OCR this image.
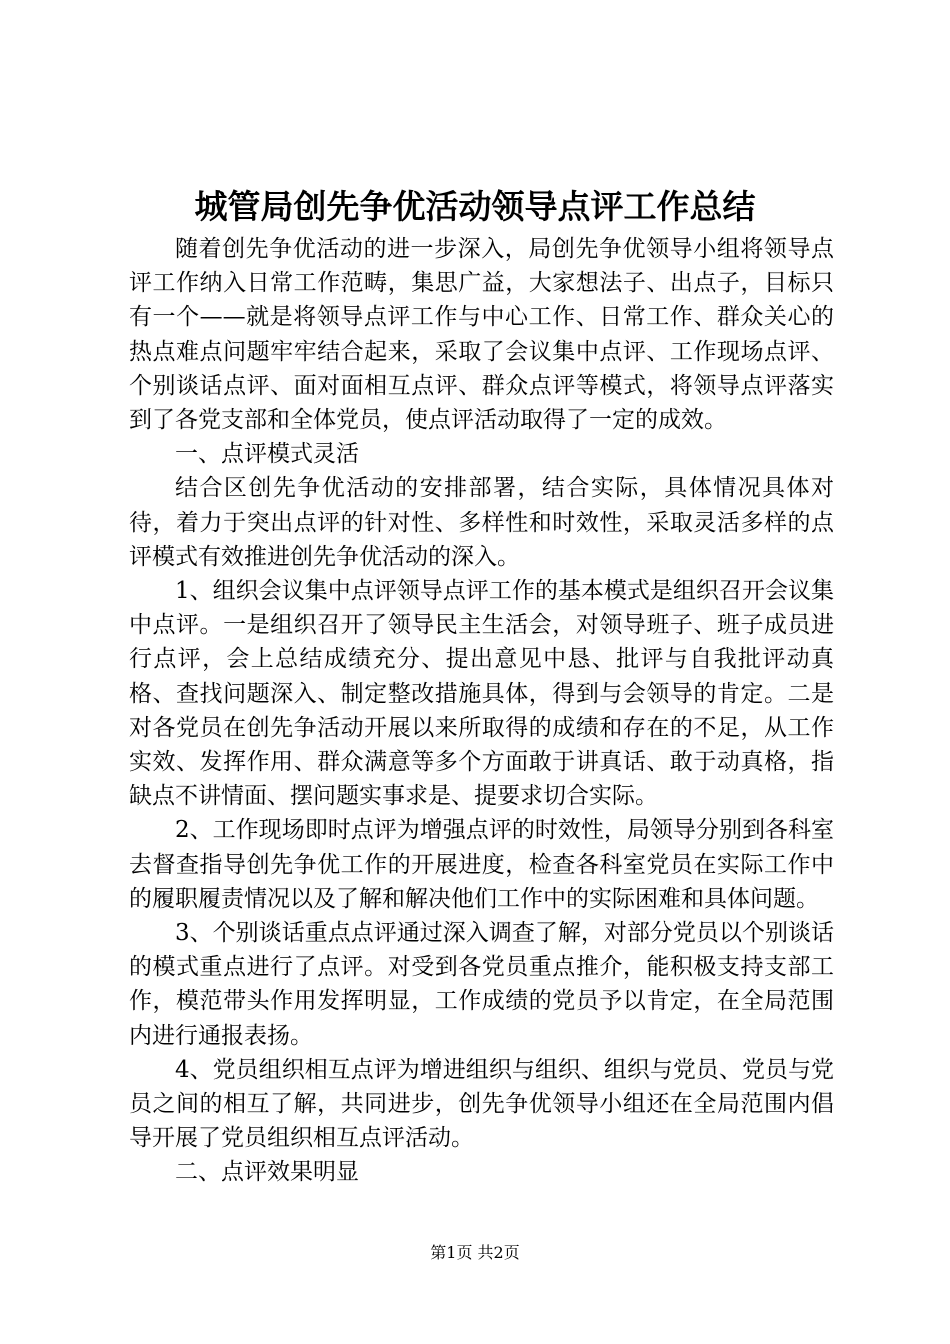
城管局创先争优活动领导点评工作总结

随着创先争优活动的进一步深入，局创先争优领导小组将领导点评工作纳入日常工作范畴，集思广益，大家想法子、出点子，目标只有一个——就是将领导点评工作与中心工作、日常工作、群众关心的热点难点问题牢牢结合起来，采取了会议集中点评、工作现场点评、个别谈话点评、面对面相互点评、群众点评等模式，将领导点评落实到了各党支部和全体党员，使点评活动取得了一定的成效。

一、点评模式灵活

结合区创先争优活动的安排部署，结合实际，具体情况具体对待，着力于突出点评的针对性、多样性和时效性，采取灵活多样的点评模式有效推进创先争优活动的深入。

1、组织会议集中点评领导点评工作的基本模式是组织召开会议集中点评。一是组织召开了领导民主生活会，对领导班子、班子成员进行点评，会上总结成绩充分、提出意见中恳、批评与自我批评动真格、查找问题深入、制定整改措施具体，得到与会领导的肯定。二是对各党员在创先争活动开展以来所取得的成绩和存在的不足，从工作实效、发挥作用、群众满意等多个方面敢于讲真话、敢于动真格，指缺点不讲情面、摆问题实事求是、提要求切合实际。

2、工作现场即时点评为增强点评的时效性，局领导分别到各科室去督查指导创先争优工作的开展进度，检查各科室党员在实际工作中的履职履责情况以及了解和解决他们工作中的实际困难和具体问题。

3、个别谈话重点点评通过深入调查了解，对部分党员以个别谈话的模式重点进行了点评。对受到各党员重点推介，能积极支持支部工作，模范带头作用发挥明显，工作成绩的党员予以肯定，在全局范围内进行通报表扬。

4、党员组织相互点评为增进组织与组织、组织与党员、党员与党员之间的相互了解，共同进步，创先争优领导小组还在全局范围内倡导开展了党员组织相互点评活动。

二、点评效果明显

第1页 共2页
